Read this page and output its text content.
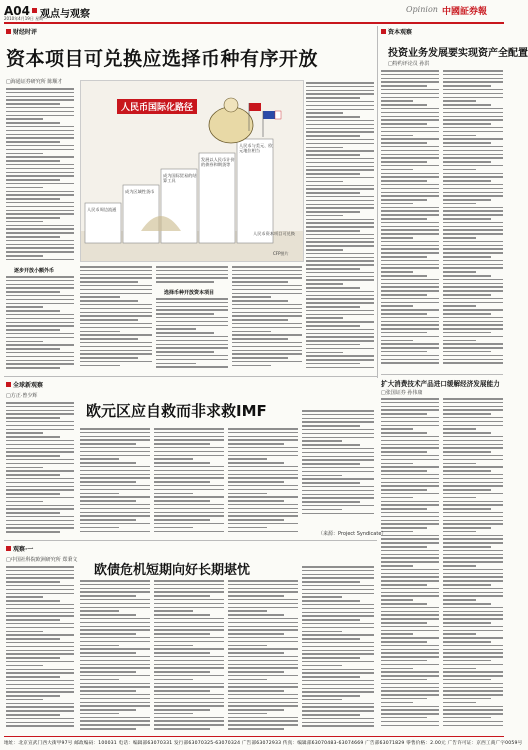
A04 观点与观察
2010年4月19日 星期一
Opinion 中國証券報
财经时评
资本项目可兑换应选择币种有序开放
□海通证券研究所 陈顺才
逐步开放小额外币
人民币国际化路径
成为区域性货币
成为国际贸易的结算工具
发展以人民币计价的债券和期货等
人民币与美元、欧元地位相当
人民币周边流通
人民币资本项目可兑换
CFP图片
选择币种开放资本项目
资本观察
投资业务发展要实现资产全配置
□特约评论员 孙洪
扩大消费技术产品进口缓解经济发展能力
□张国证券 孙伟康
全球新观察
□方正·曾少辉
欧元区应自救而非求救IMF
（来源：Project Syndicate）
观察·一
□中国社科院欧洲研究所 郑秉文
欧债危机短期向好长期堪忧
地址：北京宣武门西大街甲97号 邮政编码：100031 电话：编辑部63070331 发行部63070325-63070324 广告部63072933 传真：编辑部63070483-63074669 广告部63071829 零售价格：2.00元 广告许可证：京西工商广字0059号
